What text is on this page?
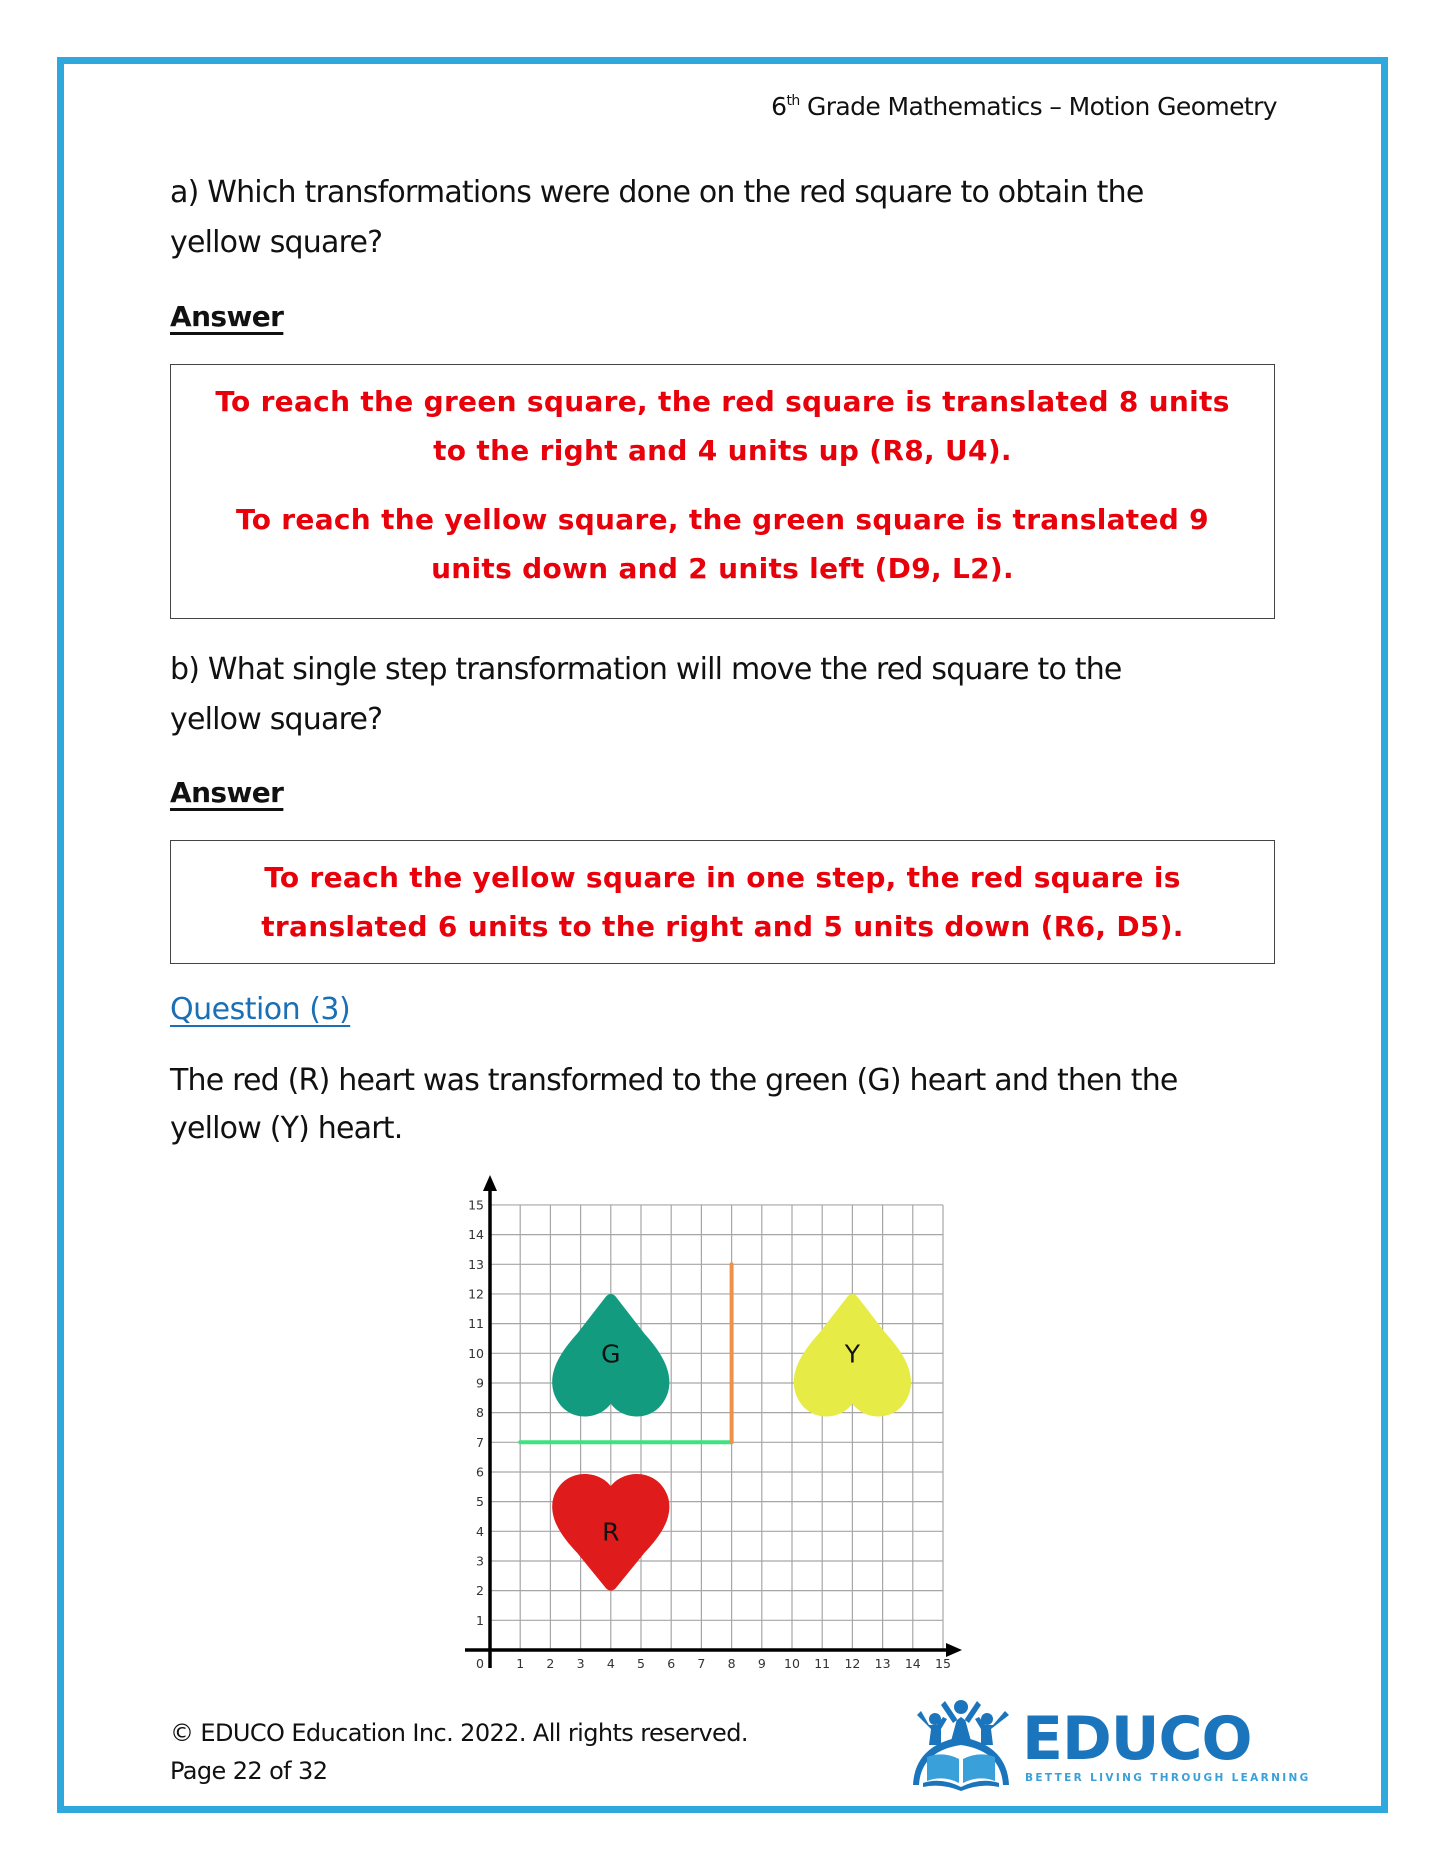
6th Grade Mathematics – Motion Geometry
a) Which transformations were done on the red square to obtain the
yellow square?
Answer

To reach the green square, the red square is translated 8 units

to the right and 4 units up (R8, U4).

To reach the yellow square, the green square is translated 9

units down and 2 units left (D9, L2).

b) What single step transformation will move the red square to the
yellow square?
Answer

To reach the yellow square in one step, the red square is

translated 6 units to the right and 5 units down (R6, D5).

Question (3)
The red (R) heart was transformed to the green (G) heart and then the
yellow (Y) heart.
R
G	Y
0	1 2 3 4 5 6 7 8 9 10 11 12 13 14 15
1
2
3
4
5
6
7
8
9
10
11
12
13
14
15
© EDUCO Education Inc. 2022. All rights reserved.
Page 22 of 32	EDUCO
BETTER LIVING THROUGH LEARNING
